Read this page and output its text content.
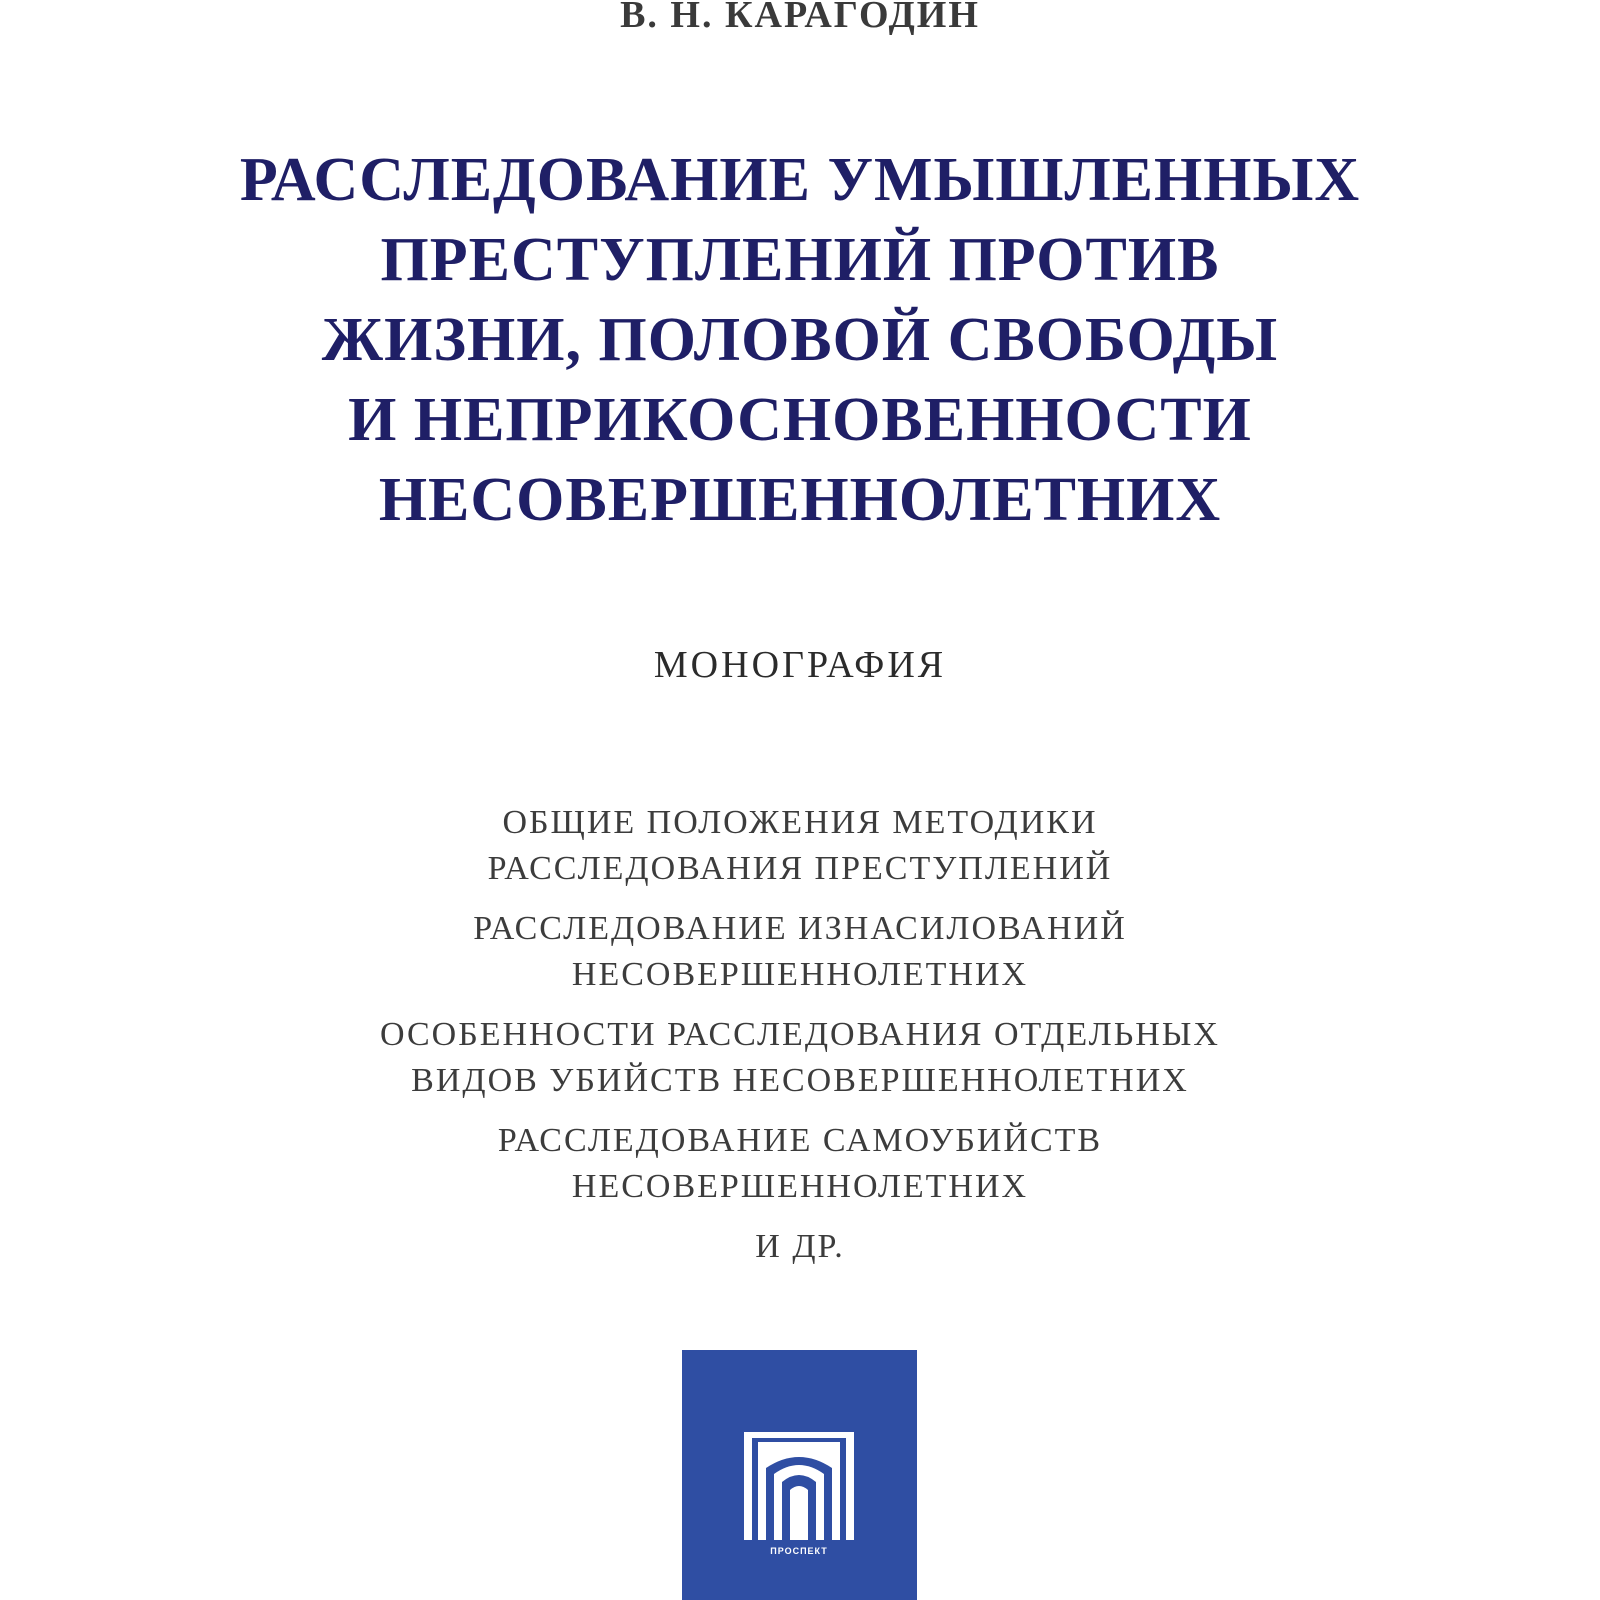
В. Н. КАРАГОДИН
РАССЛЕДОВАНИЕ УМЫШЛЕННЫХ
ПРЕСТУПЛЕНИЙ ПРОТИВ
ЖИЗНИ, ПОЛОВОЙ СВОБОДЫ
И НЕПРИКОСНОВЕННОСТИ
НЕСОВЕРШЕННОЛЕТНИХ
МОНОГРАФИЯ
ОБЩИЕ ПОЛОЖЕНИЯ МЕТОДИКИ
РАССЛЕДОВАНИЯ ПРЕСТУПЛЕНИЙ
РАССЛЕДОВАНИЕ ИЗНАСИЛОВАНИЙ
НЕСОВЕРШЕННОЛЕТНИХ
ОСОБЕННОСТИ РАССЛЕДОВАНИЯ ОТДЕЛЬНЫХ
ВИДОВ УБИЙСТВ НЕСОВЕРШЕННОЛЕТНИХ
РАССЛЕДОВАНИЕ САМОУБИЙСТВ
НЕСОВЕРШЕННОЛЕТНИХ
И ДР.
ПРОСПЕКТ
